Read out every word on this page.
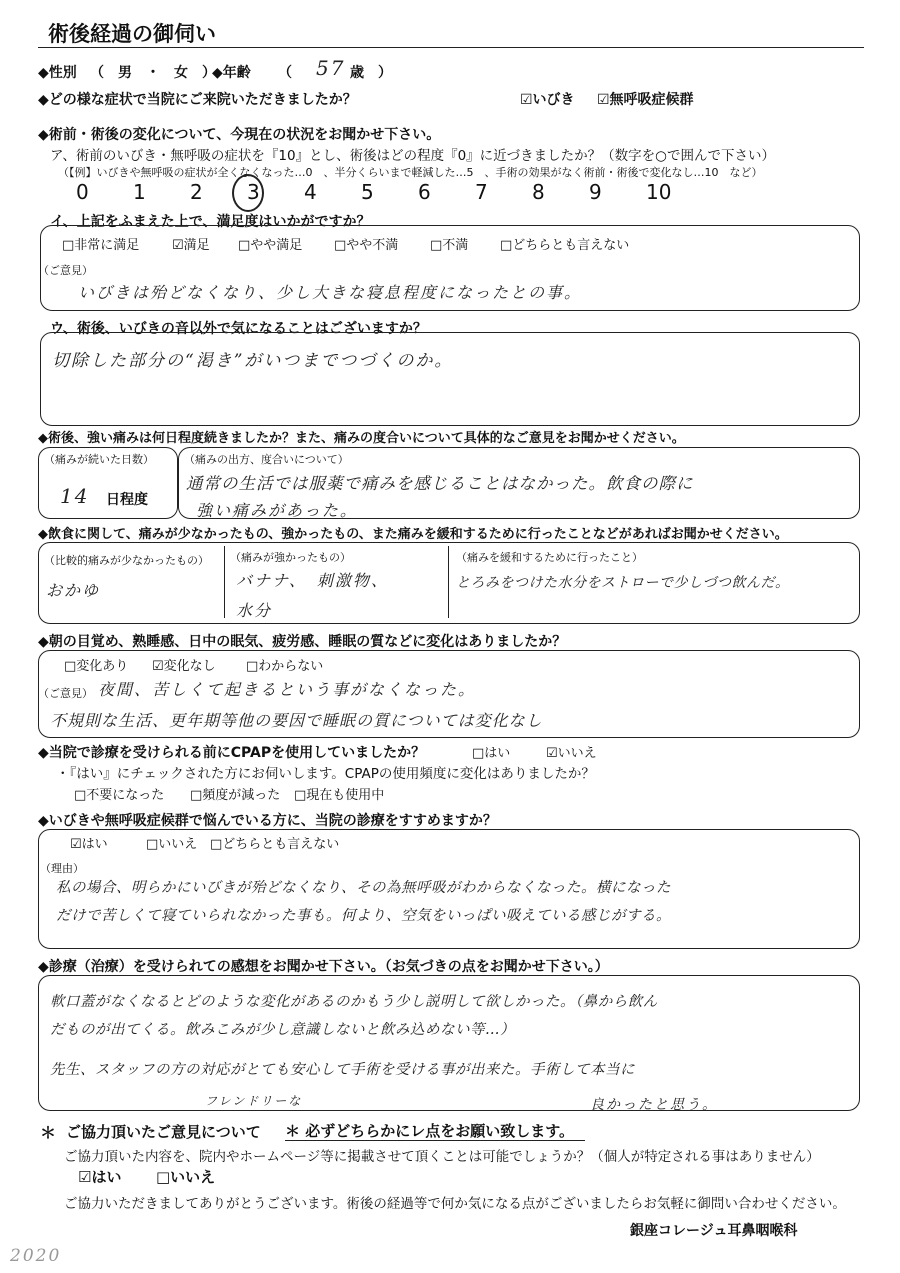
術後経過の御伺い
◆性別 （　男　・　女　）
◆年齢 （ 57 歳　）
◆どの様な症状で当院にご来院いただきましたか？	☑いびき ☑無呼吸症候群
◆術前・術後の変化について、今現在の状況をお聞かせ下さい。
ア、術前のいびき・無呼吸の症状を『10』とし、術後はどの程度『0』に近づきましたか？（数字を○で囲んで下さい）
（【例】いびきや無呼吸の症状が全くなくなった…0　、半分くらいまで軽減した…5　、手術の効果がなく術前・術後で変化なし…10　など）
0 1 2 3 4 5 6 7 8 9 10
イ、上記をふまえた上で、満足度はいかがですか？
□非常に満足	☑満足 □やや満足 □やや不満 □不満 □どちらとも言えない
（ご意見）
いびきは殆どなくなり、少し大きな寝息程度になったとの事。
ウ、術後、いびきの音以外で気になることはございますか？
切除した部分の“渇き”がいつまでつづくのか。
◆術後、強い痛みは何日程度続きましたか？また、痛みの度合いについて具体的なご意見をお聞かせください。
（痛みが続いた日数）
14 日程度
（痛みの出方、度合いについて）
通常の生活では服薬で痛みを感じることはなかった。飲食の際に
強い痛みがあった。
◆飲食に関して、痛みが少なかったもの、強かったもの、また痛みを緩和するために行ったことなどがあればお聞かせください。
（比較的痛みが少なかったもの）
おかゆ
（痛みが強かったもの）
バナナ、　刺激物、
水分
（痛みを緩和するために行ったこと）
とろみをつけた水分をストローで少しづつ飲んだ。
◆朝の目覚め、熟睡感、日中の眠気、疲労感、睡眠の質などに変化はありましたか？
□変化あり ☑変化なし □わからない
（ご意見） 夜間、苦しくて起きるという事がなくなった。
不規則な生活、更年期等他の要因で睡眠の質については変化なし
◆当院で診療を受けられる前にCPAPを使用していましたか？	□はい	☑いいえ
・『はい』にチェックされた方にお伺いします。CPAPの使用頻度に変化はありましたか？
□不要になった □頻度が減った □現在も使用中
◆いびきや無呼吸症候群で悩んでいる方に、当院の診療をすすめますか？
☑はい	□いいえ □どちらとも言えない
（理由）
私の場合、明らかにいびきが殆どなくなり、その為無呼吸がわからなくなった。横になった
だけで苦しくて寝ていられなかった事も。何より、空気をいっぱい吸えている感じがする。
◆診療（治療）を受けられての感想をお聞かせ下さい。（お気づきの点をお聞かせ下さい。）
軟口蓋がなくなるとどのような変化があるのかもう少し説明して欲しかった。（鼻から飲ん
だものが出てくる。飲みこみが少し意識しないと飲み込めない等…）
先生、スタッフの方の対応がとても安心して手術を受ける事が出来た。手術して本当に
フレンドリーな	良かったと思う。
＊ ご協力頂いたご意見について ＊ 必ずどちらかにレ点をお願い致します。
ご協力頂いた内容を、院内やホームページ等に掲載させて頂くことは可能でしょうか？（個人が特定される事はありません）
☑はい □いいえ
ご協力いただきましてありがとうございます。術後の経過等で何か気になる点がございましたらお気軽に御問い合わせください。
銀座コレージュ耳鼻咽喉科
2020
